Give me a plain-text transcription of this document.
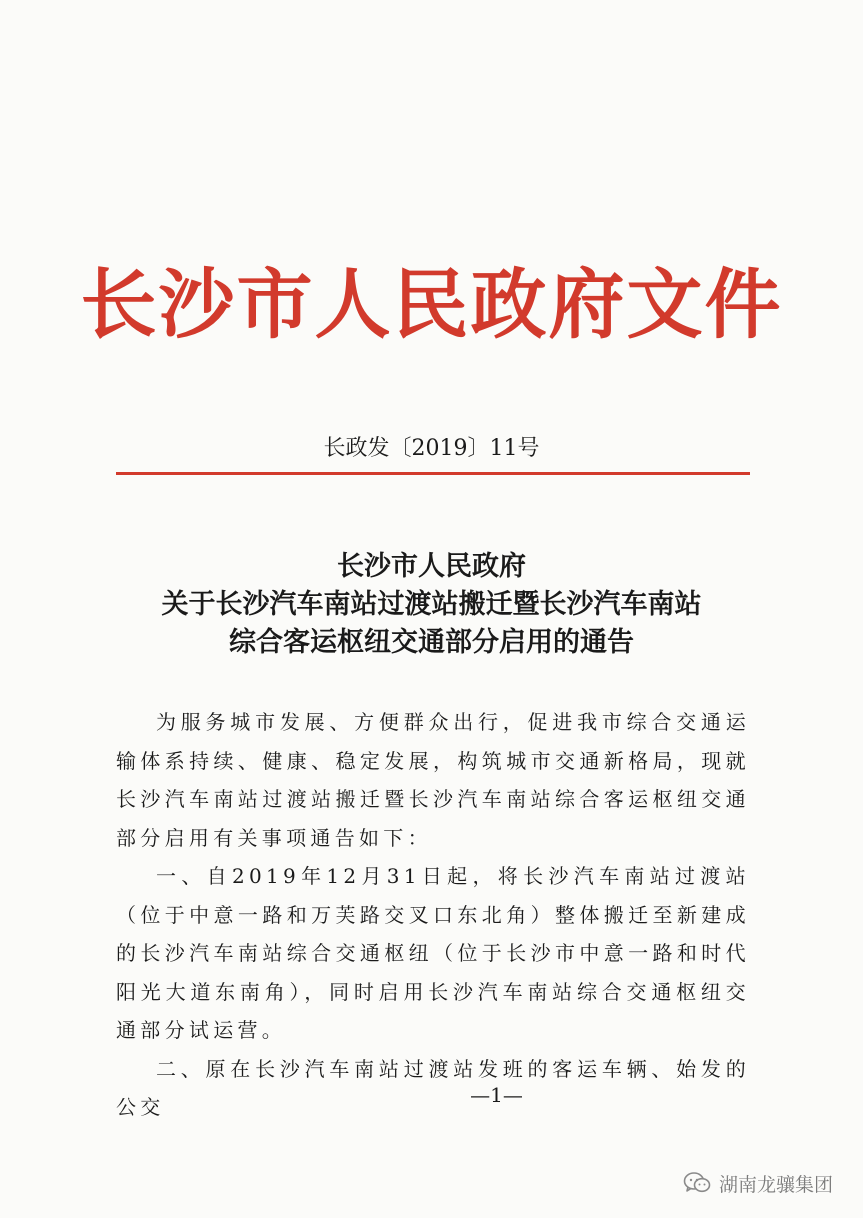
长沙市人民政府文件
长政发〔2019〕11号
长沙市人民政府
关于长沙汽车南站过渡站搬迁暨长沙汽车南站
综合客运枢纽交通部分启用的通告

为服务城市发展、方便群众出行，促进我市综合交通运输体系持续、健康、稳定发展，构筑城市交通新格局，现就长沙汽车南站过渡站搬迁暨长沙汽车南站综合客运枢纽交通部分启用有关事项通告如下：

一、自2019年12月31日起，将长沙汽车南站过渡站（位于中意一路和万芙路交叉口东北角）整体搬迁至新建成的长沙汽车南站综合交通枢纽（位于长沙市中意一路和时代阳光大道东南角），同时启用长沙汽车南站综合交通枢纽交通部分试运营。

二、原在长沙汽车南站过渡站发班的客运车辆、始发的公交	—1—
湖南龙骧集团
